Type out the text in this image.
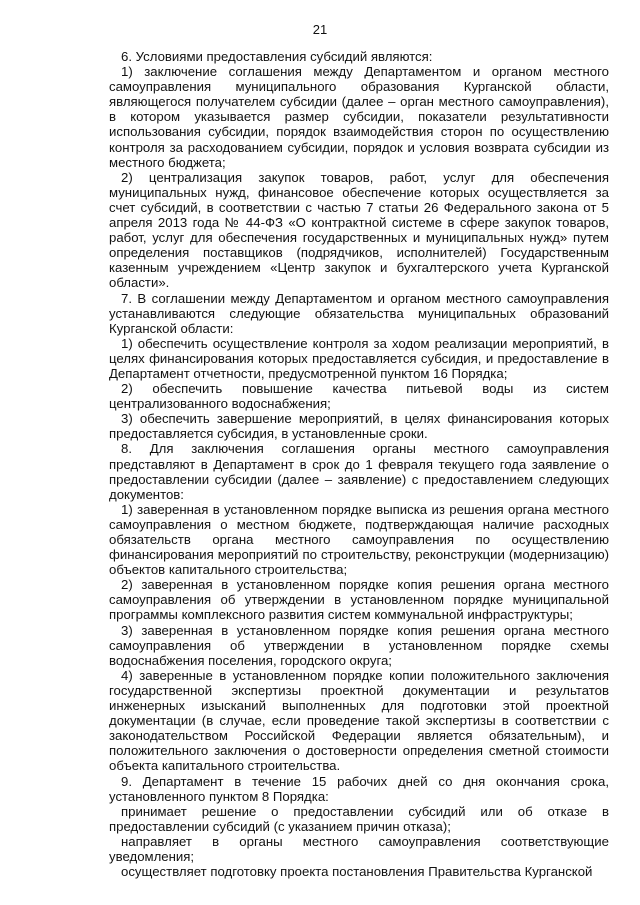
21

6. Условиями предоставления субсидий являются:

1) заключение соглашения между Департаментом и органом местного самоуправления муниципального образования Курганской области, являющегося получателем субсидии (далее – орган местного самоуправления), в котором указывается размер субсидии, показатели результативности использования субсидии, порядок взаимодействия сторон по осуществлению контроля за расходованием субсидии, порядок и условия возврата субсидии из местного бюджета;

2) централизация закупок товаров, работ, услуг для обеспечения муниципальных нужд, финансовое обеспечение которых осуществляется за счет субсидий, в соответствии с частью 7 статьи 26 Федерального закона от 5 апреля 2013 года № 44-ФЗ «О контрактной системе в сфере закупок товаров, работ, услуг для обеспечения государственных и муниципальных нужд» путем определения поставщиков (подрядчиков, исполнителей) Государственным казенным учреждением «Центр закупок и бухгалтерского учета Курганской области».

7. В соглашении между Департаментом и органом местного самоуправления устанавливаются следующие обязательства муниципальных образований Курганской области:

1) обеспечить осуществление контроля за ходом реализации мероприятий, в целях финансирования которых предоставляется субсидия, и предоставление в Департамент отчетности, предусмотренной пунктом 16 Порядка;

2) обеспечить повышение качества питьевой воды из систем централизованного водоснабжения;

3) обеспечить завершение мероприятий, в целях финансирования которых предоставляется субсидия, в установленные сроки.

8. Для заключения соглашения органы местного самоуправления представляют в Департамент в срок до 1 февраля текущего года заявление о предоставлении субсидии (далее – заявление) с предоставлением следующих документов:

1) заверенная в установленном порядке выписка из решения органа местного самоуправления о местном бюджете, подтверждающая наличие расходных обязательств органа местного самоуправления по осуществлению финансирования мероприятий по строительству, реконструкции (модернизацию) объектов капитального строительства;

2) заверенная в установленном порядке копия решения органа местного самоуправления об утверждении в установленном порядке муниципальной программы комплексного развития систем коммунальной инфраструктуры;

3) заверенная в установленном порядке копия решения органа местного самоуправления об утверждении в установленном порядке схемы водоснабжения поселения, городского округа;

4) заверенные в установленном порядке копии положительного заключения государственной экспертизы проектной документации и результатов инженерных изысканий выполненных для подготовки этой проектной документации (в случае, если проведение такой экспертизы в соответствии с законодательством Российской Федерации является обязательным), и положительного заключения о достоверности определения сметной стоимости объекта капитального строительства.

9. Департамент в течение 15 рабочих дней со дня окончания срока, установленного пунктом 8 Порядка:

принимает решение о предоставлении субсидий или об отказе в предоставлении субсидий (с указанием причин отказа);

направляет в органы местного самоуправления соответствующие уведомления;

осуществляет подготовку проекта постановления Правительства Курганской
